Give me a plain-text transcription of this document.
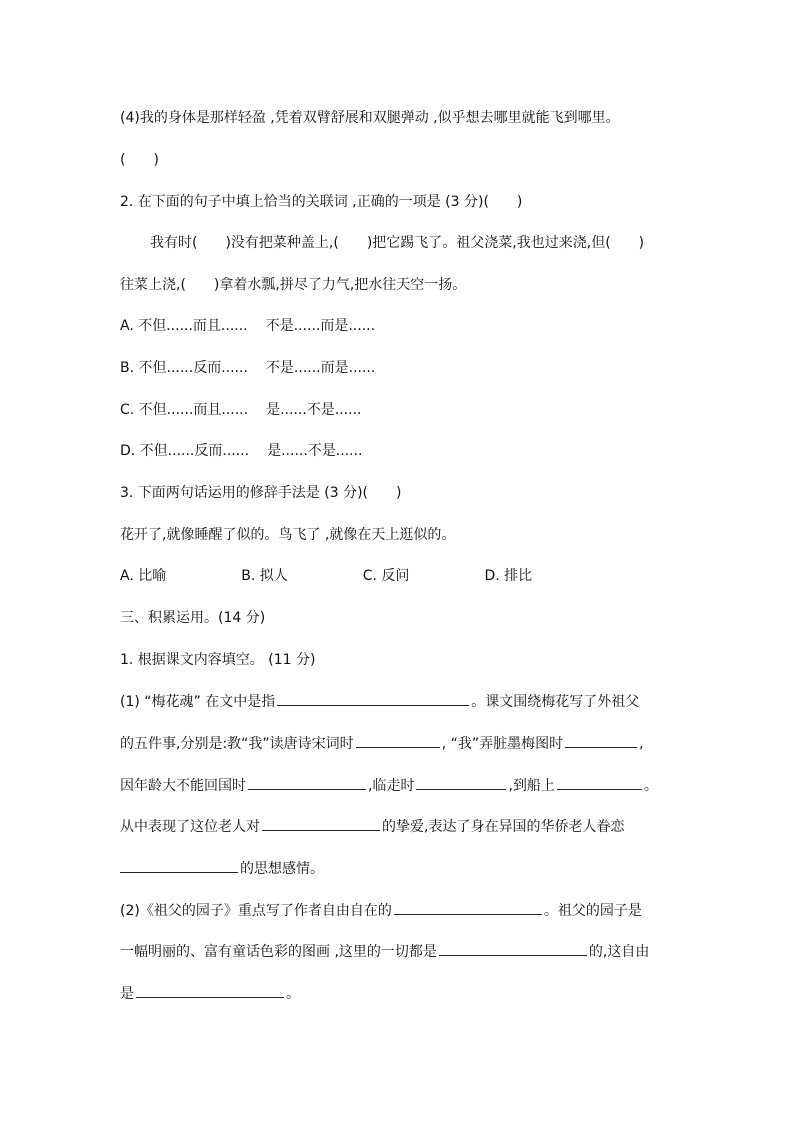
(4)我的身体是那样轻盈 ,凭着双臂舒展和双腿弹动 ,似乎想去哪里就能飞到哪里。
(　　)
2. 在下面的句子中填上恰当的关联词 ,正确的一项是 (3 分)(　　)
我有时(　　)没有把菜种盖上,(　　)把它踢飞了。祖父浇菜,我也过来浇,但(　　)
往菜上浇,(　　)拿着水瓢,拼尽了力气,把水往天空一扬。
A. 不但......而且...... 不是......而是......
B. 不但......反而...... 不是......而是......
C. 不但......而且...... 是......不是......
D. 不但......反而...... 是......不是......
3. 下面两句话运用的修辞手法是 (3 分)(　　)
花开了,就像睡醒了似的。鸟飞了 ,就像在天上逛似的。
A. 比喻	B. 拟人	C. 反问	D. 排比
三、积累运用。(14 分)
1. 根据课文内容填空。 (11 分)
(1) “梅花魂” 在文中是指	。课文围绕梅花写了外祖父
的五件事,分别是:教“我”读唐诗宋词时	, “我”弄脏墨梅图时	,
因年龄大不能回国时	,临走时	,到船上	。
从中表现了这位老人对	的挚爱,表达了身在异国的华侨老人眷恋
的思想感情。
(2)《祖父的园子》重点写了作者自由自在的	。祖父的园子是
一幅明丽的、富有童话色彩的图画 ,这里的一切都是	的,这自由
是	。
